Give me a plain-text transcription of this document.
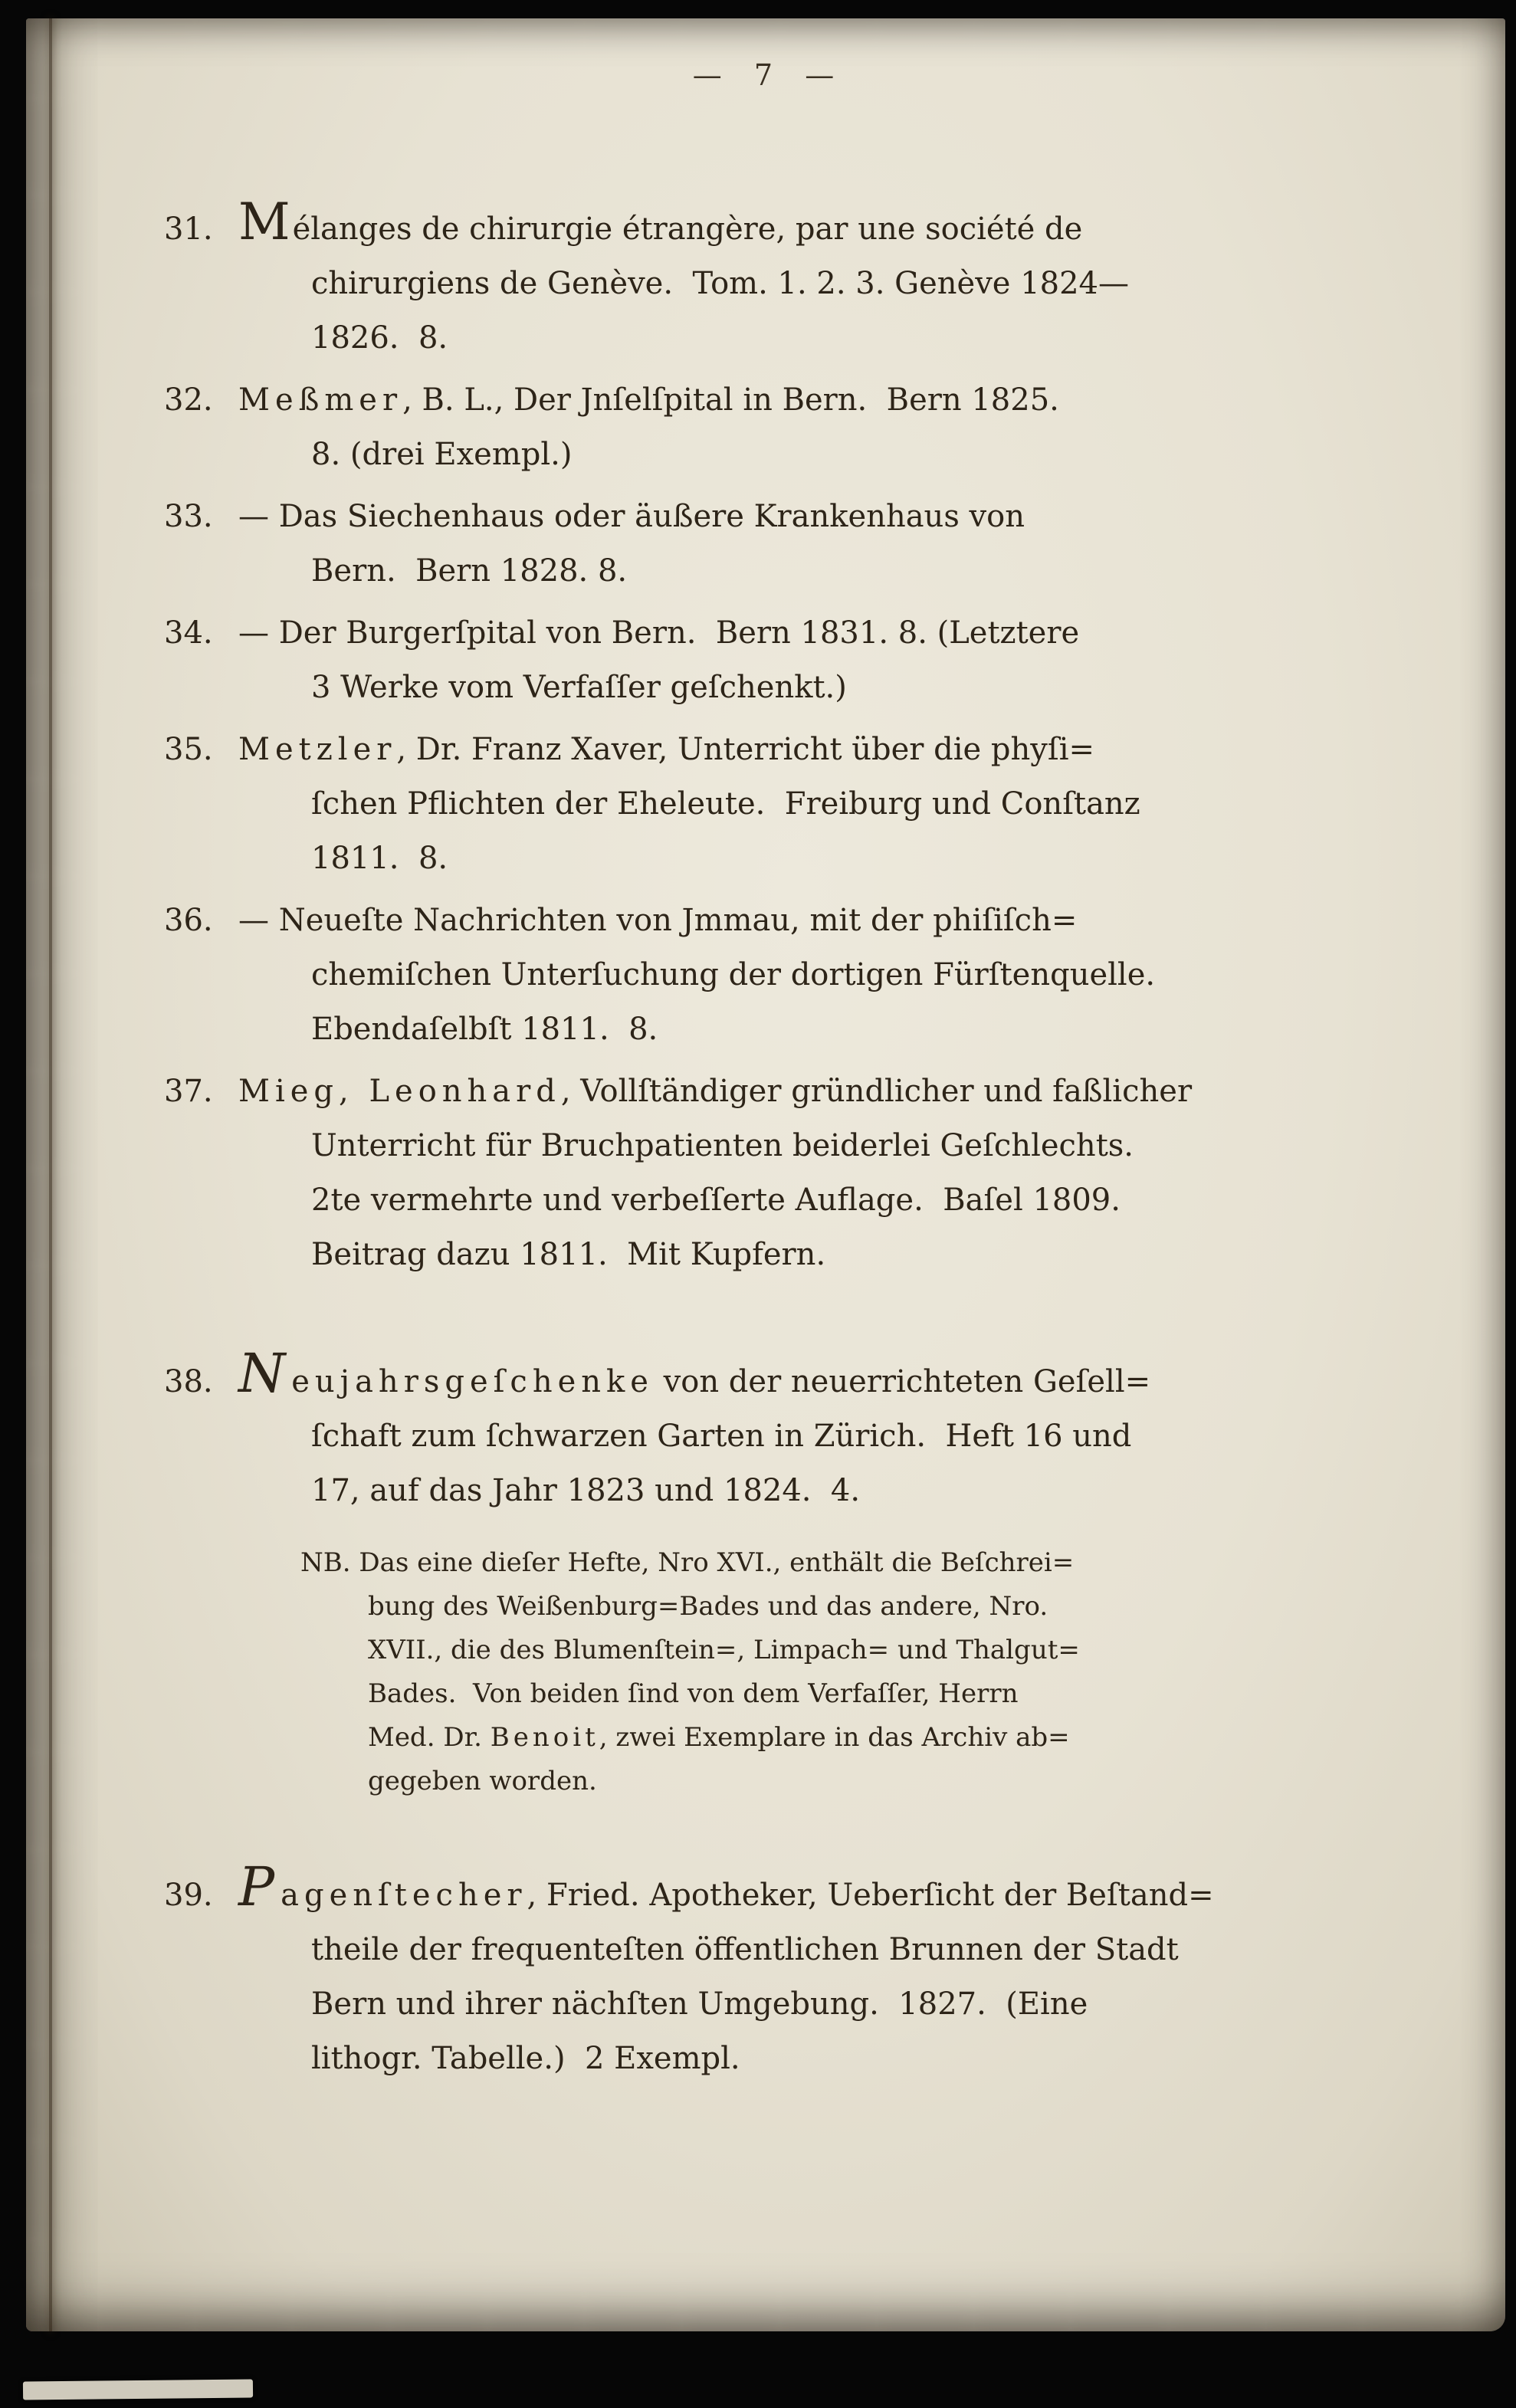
—  7  —
31. Mélanges de chirurgie étrangère, par une société de
chirurgiens de Genève.  Tom. 1. 2. 3. Genève 1824—
1826.  8.
32. Meßmer, B. L., Der Jnſelſpital in Bern.  Bern 1825.
8. (drei Exempl.)
33. — Das Siechenhaus oder äußere Krankenhaus von
Bern.  Bern 1828. 8.
34. — Der Burgerſpital von Bern.  Bern 1831. 8. (Letztere
3 Werke vom Verfaſſer geſchenkt.)
35. Metzler, Dr. Franz Xaver, Unterricht über die phyſi=
ſchen Pflichten der Eheleute.  Freiburg und Conſtanz
1811.  8.
36. — Neueſte Nachrichten von Jmmau, mit der phiſiſch=
chemiſchen Unterſuchung der dortigen Fürſtenquelle.
Ebendaſelbſt 1811.  8.
37. Mieg, Leonhard, Vollſtändiger gründlicher und faßlicher
Unterricht für Bruchpatienten beiderlei Geſchlechts.
2te vermehrte und verbeſſerte Auflage.  Baſel 1809.
Beitrag dazu 1811.  Mit Kupfern.
38. Neujahrsgeſchenke von der neuerrichteten Geſell=
ſchaft zum ſchwarzen Garten in Zürich.  Heft 16 und
17, auf das Jahr 1823 und 1824.  4.
NB. Das eine dieſer Hefte, Nro XVI., enthält die Beſchrei=
bung des Weißenburg=Bades und das andere, Nro.
XVII., die des Blumenſtein=, Limpach= und Thalgut=
Bades.  Von beiden ſind von dem Verfaſſer, Herrn
Med. Dr. Benoit, zwei Exemplare in das Archiv ab=
gegeben worden.
39. Pagenſtecher, Fried. Apotheker, Ueberſicht der Beſtand=
theile der frequenteſten öffentlichen Brunnen der Stadt
Bern und ihrer nächſten Umgebung.  1827.  (Eine
lithogr. Tabelle.)  2 Exempl.
